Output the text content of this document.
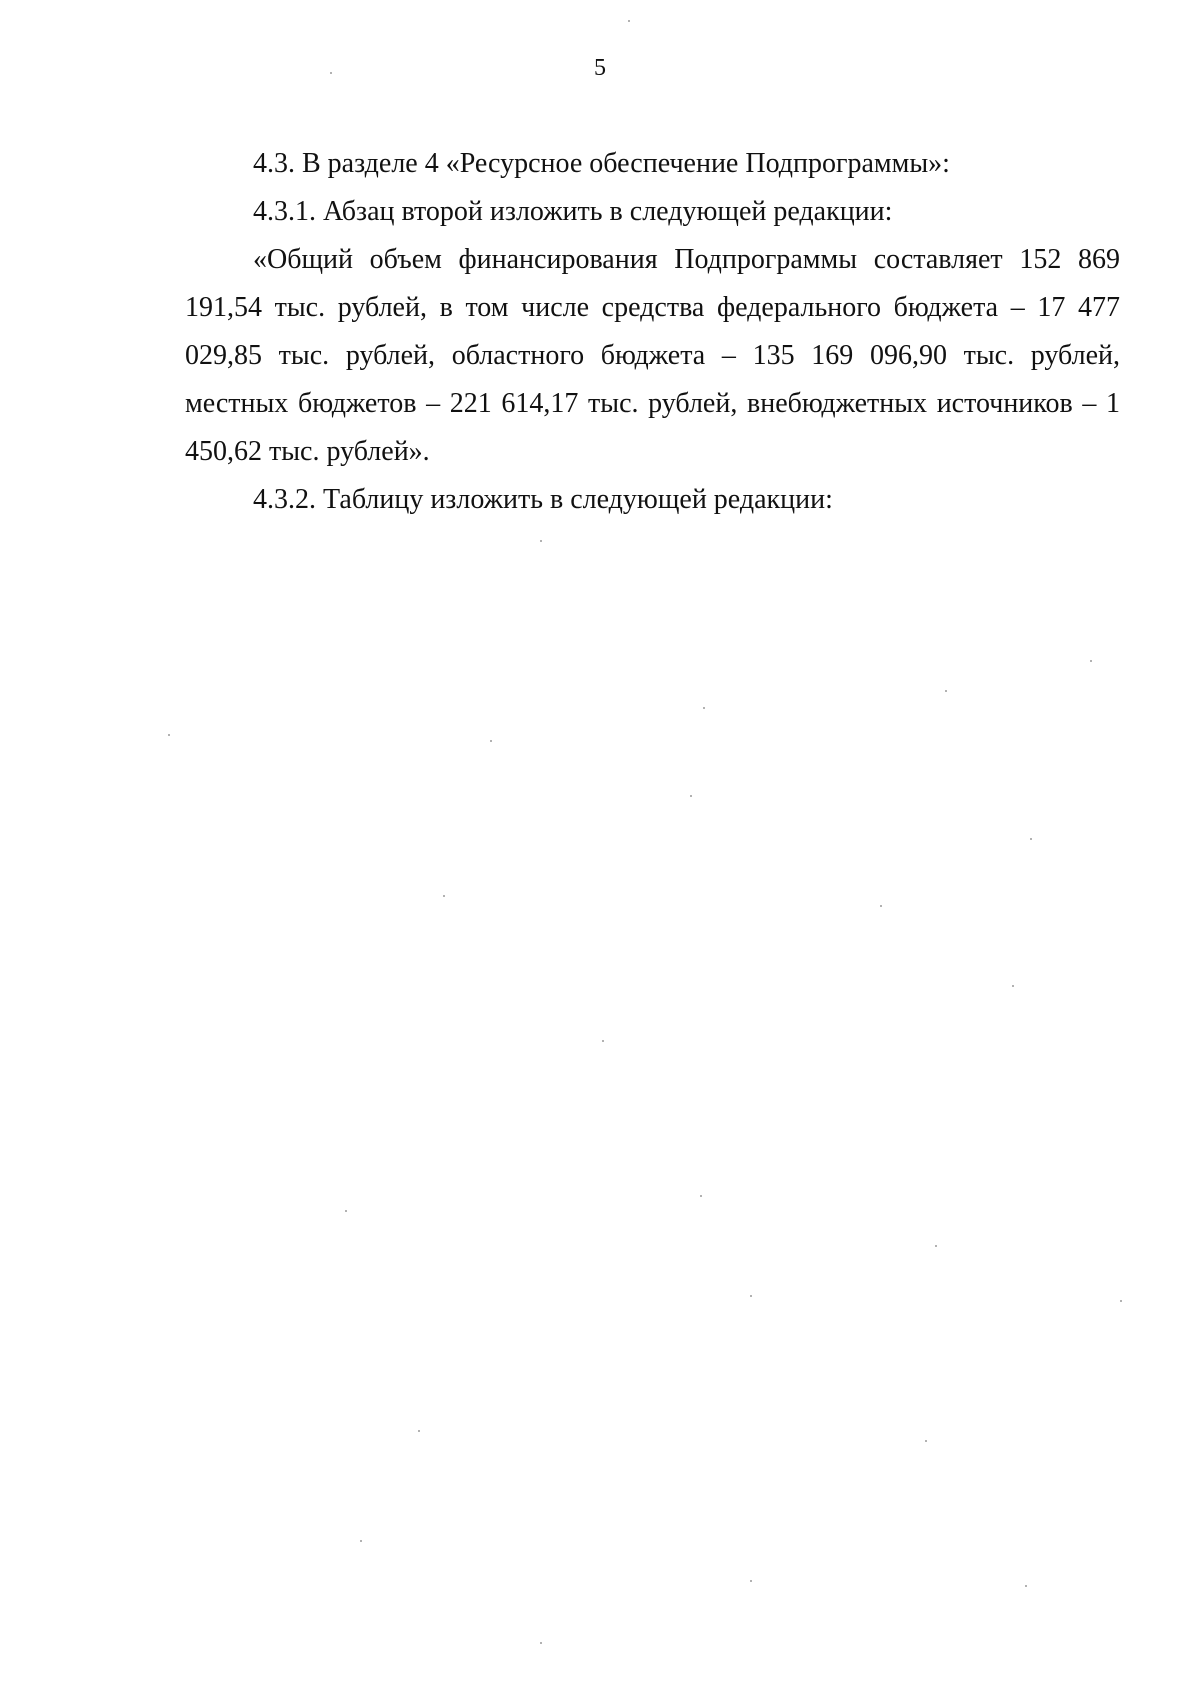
5

4.3. В разделе 4 «Ресурсное обеспечение Подпрограммы»:

4.3.1. Абзац второй изложить в следующей редакции:

«Общий объем финансирования Подпрограммы составляет 152 869 191,54 тыс. рублей, в том числе средства федерального бюджета – 17 477 029,85 тыс. рублей, областного бюджета – 135 169 096,90 тыс. рублей, местных бюджетов – 221 614,17 тыс. рублей, внебюджетных источников – 1 450,62 тыс. рублей».

4.3.2. Таблицу изложить в следующей редакции:
